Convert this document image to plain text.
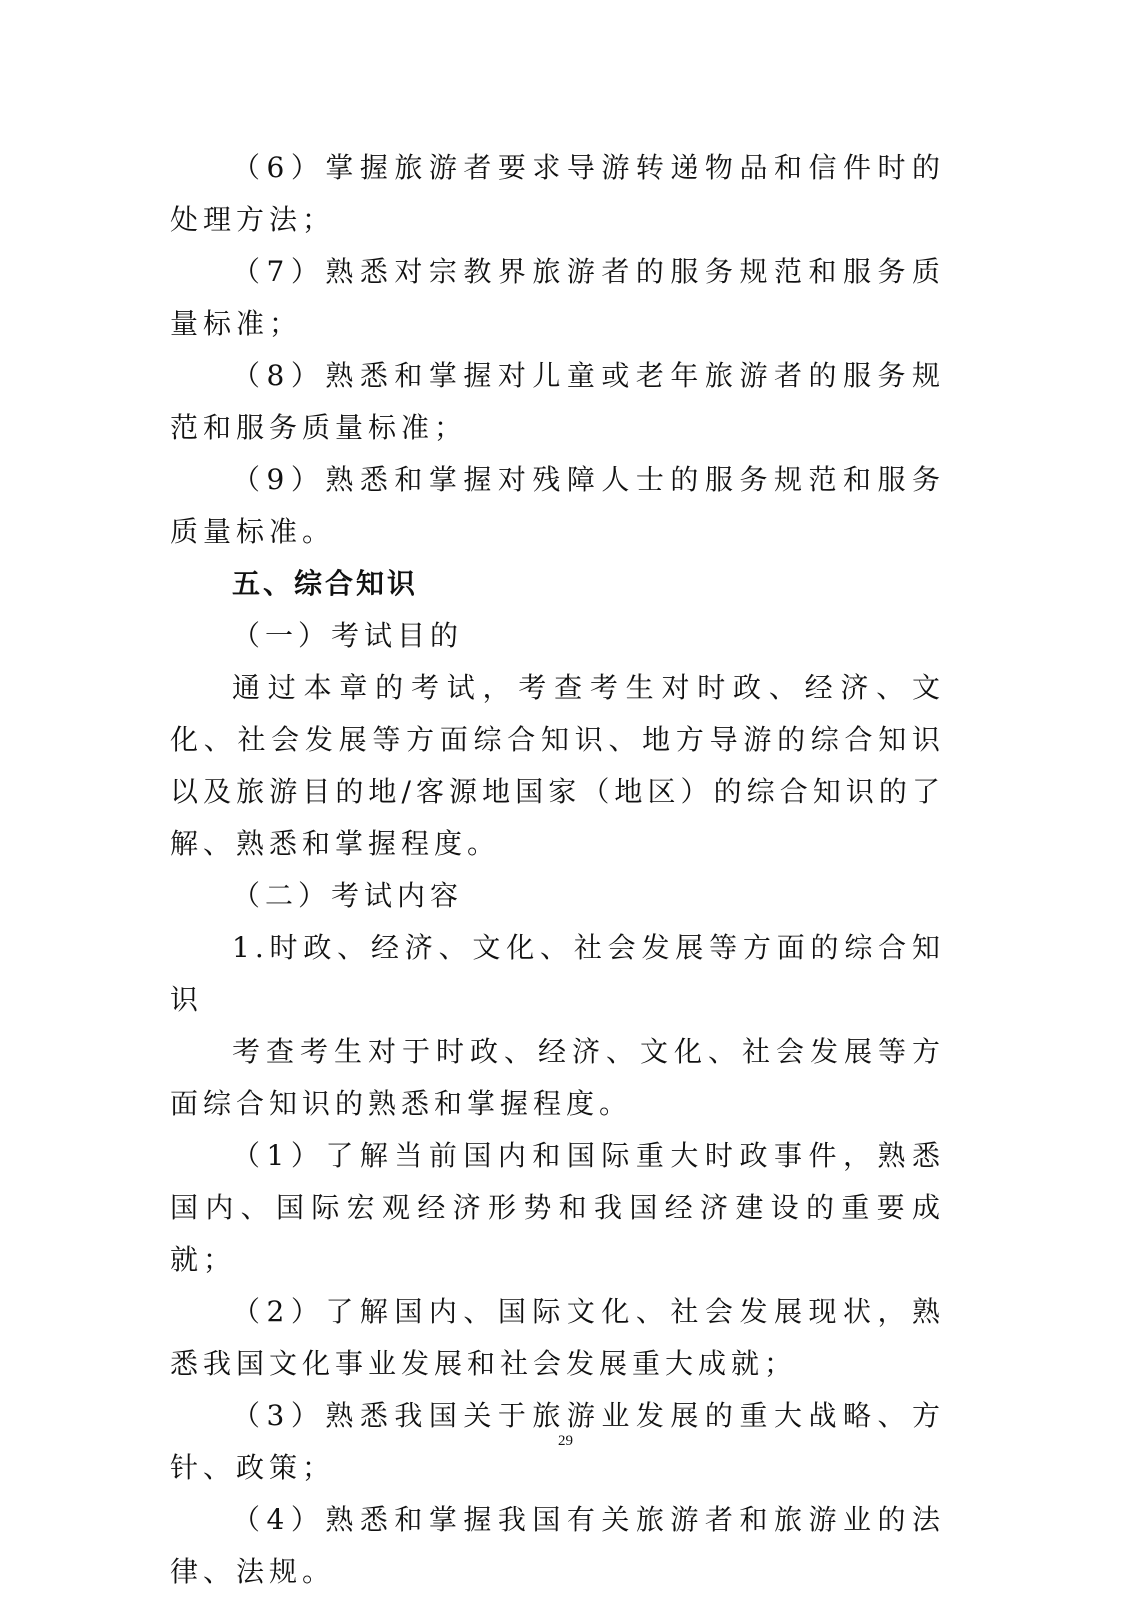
（6）掌握旅游者要求导游转递物品和信件时的处理方法；

（7）熟悉对宗教界旅游者的服务规范和服务质量标准；

（8）熟悉和掌握对儿童或老年旅游者的服务规范和服务质量标准；

（9）熟悉和掌握对残障人士的服务规范和服务质量标准。

五、综合知识

（一）考试目的

通过本章的考试，考查考生对时政、经济、文化、社会发展等方面综合知识、地方导游的综合知识以及旅游目的地/客源地国家（地区）的综合知识的了解、熟悉和掌握程度。

（二）考试内容

1.时政、经济、文化、社会发展等方面的综合知识

考查考生对于时政、经济、文化、社会发展等方面综合知识的熟悉和掌握程度。

（1）了解当前国内和国际重大时政事件，熟悉国内、国际宏观经济形势和我国经济建设的重要成就；

（2）了解国内、国际文化、社会发展现状，熟悉我国文化事业发展和社会发展重大成就；

（3）熟悉我国关于旅游业发展的重大战略、方针、政策；

（4）熟悉和掌握我国有关旅游者和旅游业的法律、法规。

29
